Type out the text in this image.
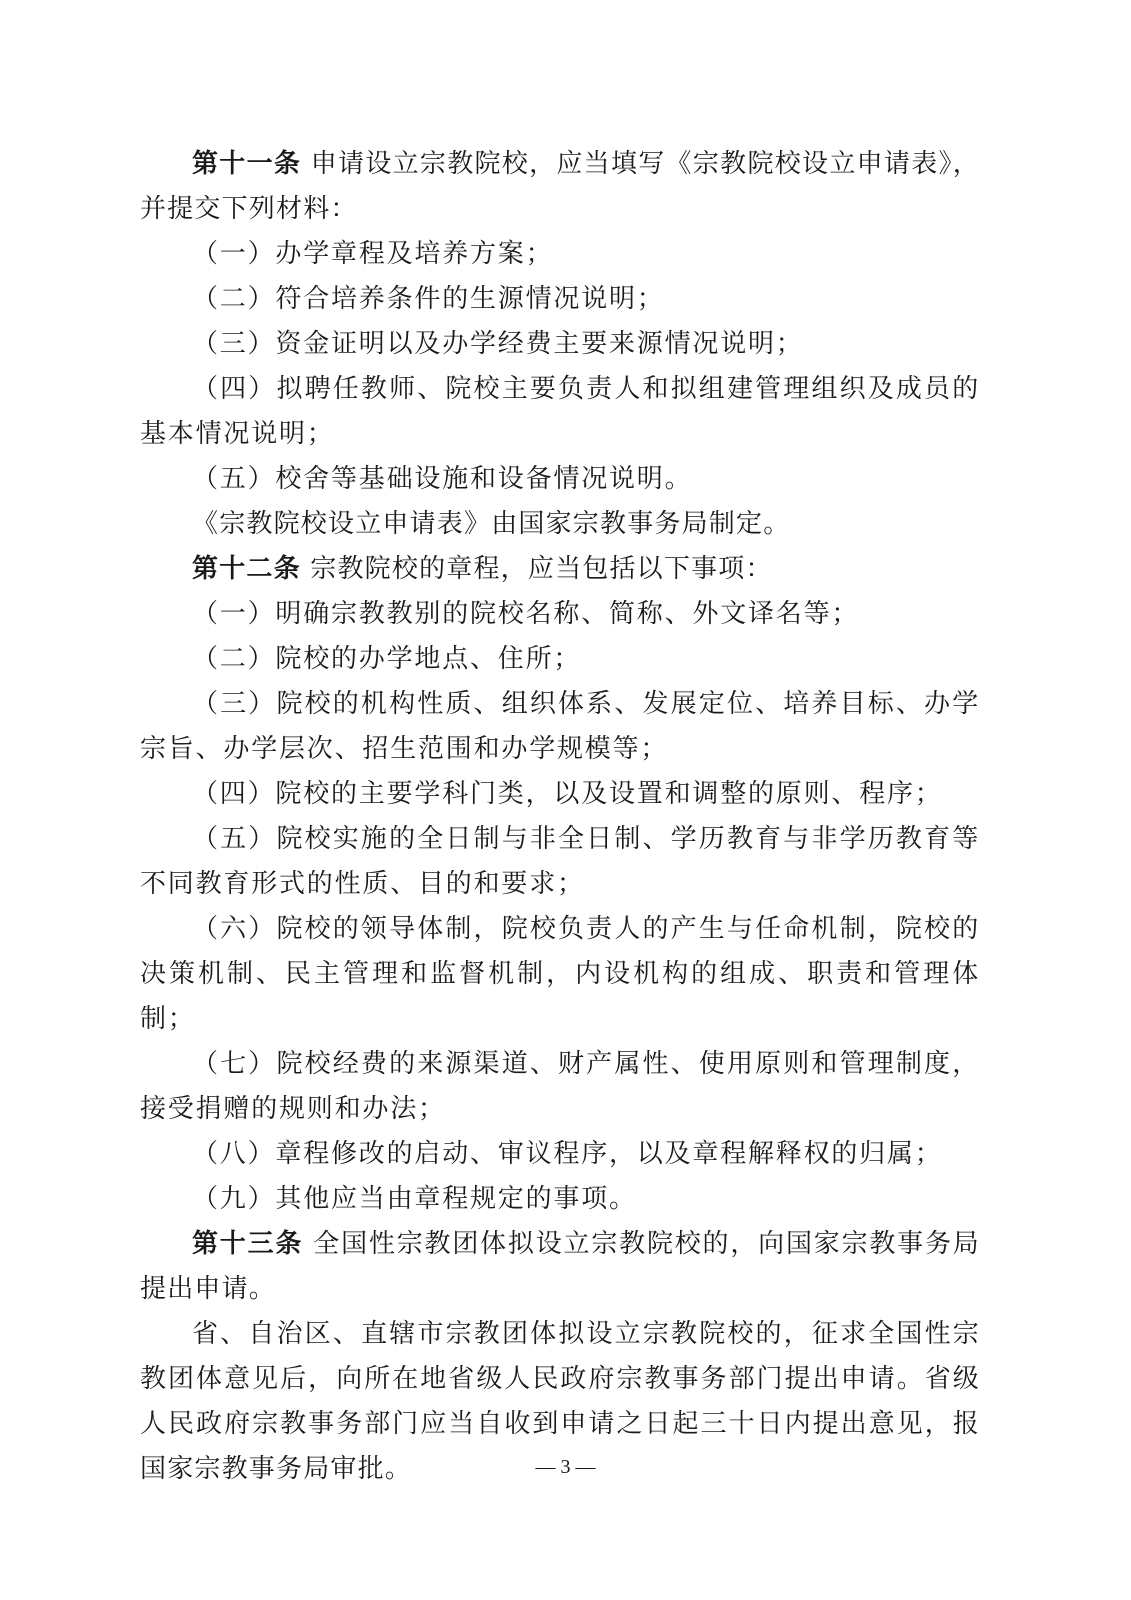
第十一条 申请设立宗教院校，应当填写《宗教院校设立申请表》，并提交下列材料：

（一）办学章程及培养方案；

（二）符合培养条件的生源情况说明；

（三）资金证明以及办学经费主要来源情况说明；

（四）拟聘任教师、院校主要负责人和拟组建管理组织及成员的基本情况说明；

（五）校舍等基础设施和设备情况说明。

《宗教院校设立申请表》由国家宗教事务局制定。

第十二条 宗教院校的章程，应当包括以下事项：

（一）明确宗教教别的院校名称、简称、外文译名等；

（二）院校的办学地点、住所；

（三）院校的机构性质、组织体系、发展定位、培养目标、办学宗旨、办学层次、招生范围和办学规模等；

（四）院校的主要学科门类，以及设置和调整的原则、程序；

（五）院校实施的全日制与非全日制、学历教育与非学历教育等不同教育形式的性质、目的和要求；

（六）院校的领导体制，院校负责人的产生与任命机制，院校的决策机制、民主管理和监督机制，内设机构的组成、职责和管理体制；

（七）院校经费的来源渠道、财产属性、使用原则和管理制度，接受捐赠的规则和办法；

（八）章程修改的启动、审议程序，以及章程解释权的归属；

（九）其他应当由章程规定的事项。

第十三条 全国性宗教团体拟设立宗教院校的，向国家宗教事务局提出申请。

省、自治区、直辖市宗教团体拟设立宗教院校的，征求全国性宗教团体意见后，向所在地省级人民政府宗教事务部门提出申请。省级人民政府宗教事务部门应当自收到申请之日起三十日内提出意见，报国家宗教事务局审批。	— 3 —
